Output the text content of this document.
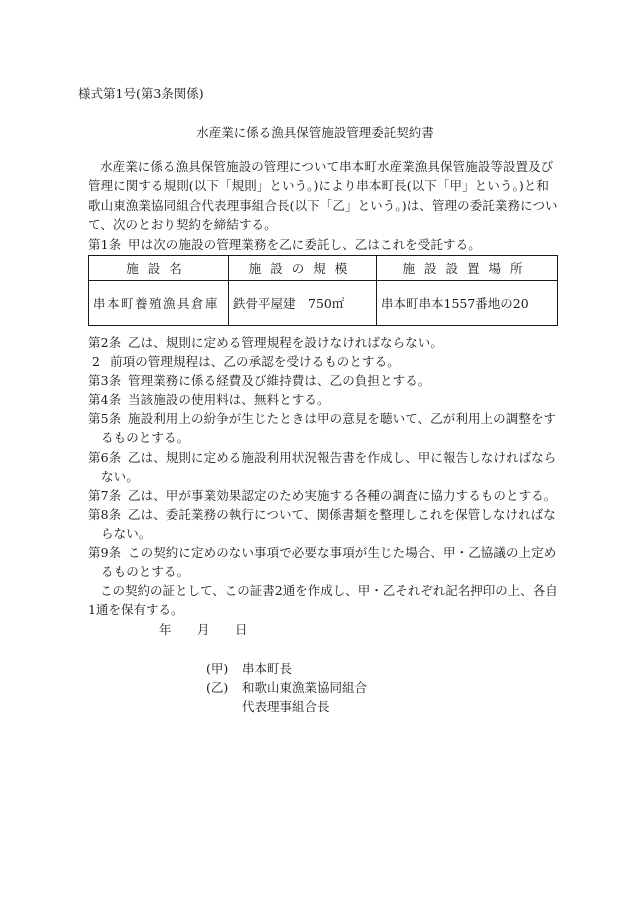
様式第1号(第3条関係)
水産業に係る漁具保管施設管理委託契約書

水産業に係る漁具保管施設の管理について串本町水産業漁具保管施設等設置及び管理に関する規則(以下「規則」という。)により串本町長(以下「甲」という。)と和歌山東漁業協同組合代表理事組合長(以下「乙」という。)は、管理の委託業務について、次のとおり契約を締結する。

第1条 甲は次の施設の管理業務を乙に委託し、乙はこれを受託する。

施設名	施設の規模	施設設置場所
串本町養殖漁具倉庫	鉄骨平屋建　750㎡	串本町串本1557番地の20

第2条 乙は、規則に定める管理規程を設けなければならない。

2 前項の管理規程は、乙の承認を受けるものとする。

第3条 管理業務に係る経費及び維持費は、乙の負担とする。

第4条 当該施設の使用料は、無料とする。

第5条 施設利用上の紛争が生じたときは甲の意見を聴いて、乙が利用上の調整をするものとする。

第6条 乙は、規則に定める施設利用状況報告書を作成し、甲に報告しなければならない。

第7条 乙は、甲が事業効果認定のため実施する各種の調査に協力するものとする。

第8条 乙は、委託業務の執行について、関係書類を整理しこれを保管しなければならない。

第9条 この契約に定めのない事項で必要な事項が生じた場合、甲・乙協議の上定めるものとする。

この契約の証として、この証書2通を作成し、甲・乙それぞれ記名押印の上、各自1通を保有する。

年 月 日
(甲) 串本町長
(乙) 和歌山東漁業協同組合
代表理事組合長
